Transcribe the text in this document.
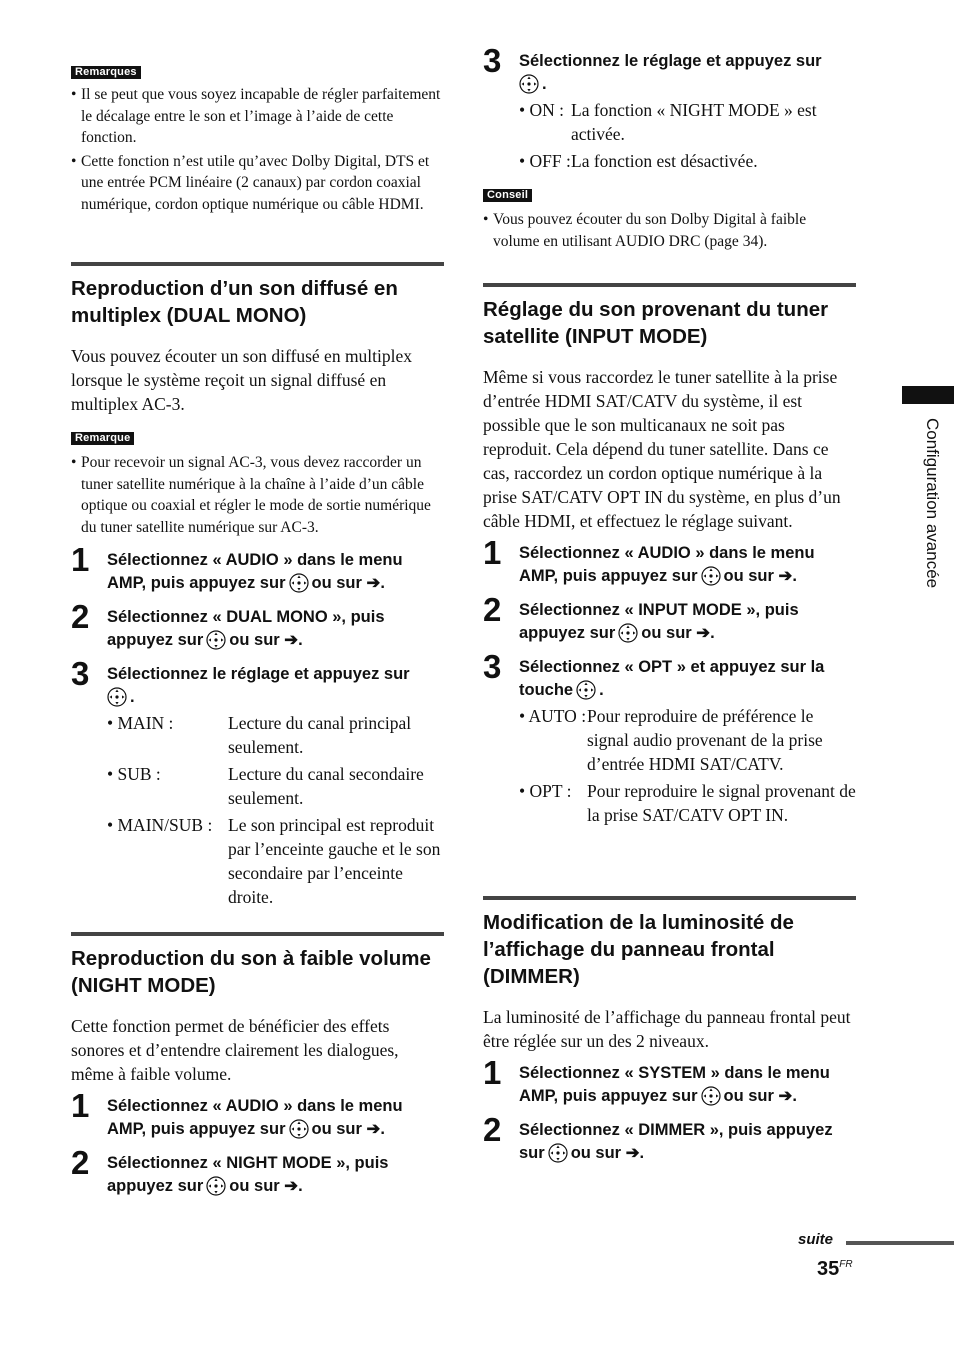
Remarques
• Il se peut que vous soyez incapable de régler parfaitement le décalage entre le son et l’image à l’aide de cette fonction.
• Cette fonction n’est utile qu’avec Dolby Digital, DTS et une entrée PCM linéaire (2 canaux) par cordon coaxial numérique, cordon optique numérique ou câble HDMI.
Reproduction d’un son diffusé en multiplex (DUAL MONO)

Vous pouvez écouter un son diffusé en multiplex lorsque le système reçoit un signal diffusé en multiplex AC-3.

Remarque
• Pour recevoir un signal AC-3, vous devez raccorder un tuner satellite numérique à la chaîne à l’aide d’un câble optique ou coaxial et régler le mode de sortie numérique du tuner satellite numérique sur AC-3.
1 Sélectionnez « AUDIO » dans le menu AMP, puis appuyez sur ou sur ➔.
2 Sélectionnez « DUAL MONO », puis appuyez sur ou sur ➔.
3 Sélectionnez le réglage et appuyez sur
.
• MAIN :	Lecture du canal principal seulement.
• SUB :	Lecture du canal secondaire seulement.
• MAIN/SUB : Le son principal est reproduit par l’enceinte gauche et le son secondaire par l’enceinte droite.
Reproduction du son à faible volume (NIGHT MODE)

Cette fonction permet de bénéficier des effets sonores et d’entendre clairement les dialogues, même à faible volume.

1 Sélectionnez « AUDIO » dans le menu AMP, puis appuyez sur ou sur ➔.
2 Sélectionnez « NIGHT MODE », puis appuyez sur ou sur ➔.
3 Sélectionnez le réglage et appuyez sur
.
• ON : La fonction « NIGHT MODE » est activée.
• OFF : La fonction est désactivée.
Conseil
• Vous pouvez écouter du son Dolby Digital à faible volume en utilisant AUDIO DRC (page 34).
Réglage du son provenant du tuner satellite (INPUT MODE)

Même si vous raccordez le tuner satellite à la prise d’entrée HDMI SAT/CATV du système, il est possible que le son multicanaux ne soit pas reproduit. Cela dépend du tuner satellite. Dans ce cas, raccordez un cordon optique numérique à la prise SAT/CATV OPT IN du système, en plus d’un câble HDMI, et effectuez le réglage suivant.

1 Sélectionnez « AUDIO » dans le menu AMP, puis appuyez sur ou sur ➔.
2 Sélectionnez « INPUT MODE », puis appuyez sur ou sur ➔.
3 Sélectionnez « OPT » et appuyez sur la touche .
• AUTO : Pour reproduire de préférence le signal audio provenant de la prise d’entrée HDMI SAT/CATV.
• OPT : Pour reproduire le signal provenant de la prise SAT/CATV OPT IN.
Modification de la luminosité de l’affichage du panneau frontal (DIMMER)

La luminosité de l’affichage du panneau frontal peut être réglée sur un des 2 niveaux.

1 Sélectionnez « SYSTEM » dans le menu AMP, puis appuyez sur ou sur ➔.
2 Sélectionnez « DIMMER », puis appuyez sur ou sur ➔.
Configuration avancée
suite
$35^{FR}$
